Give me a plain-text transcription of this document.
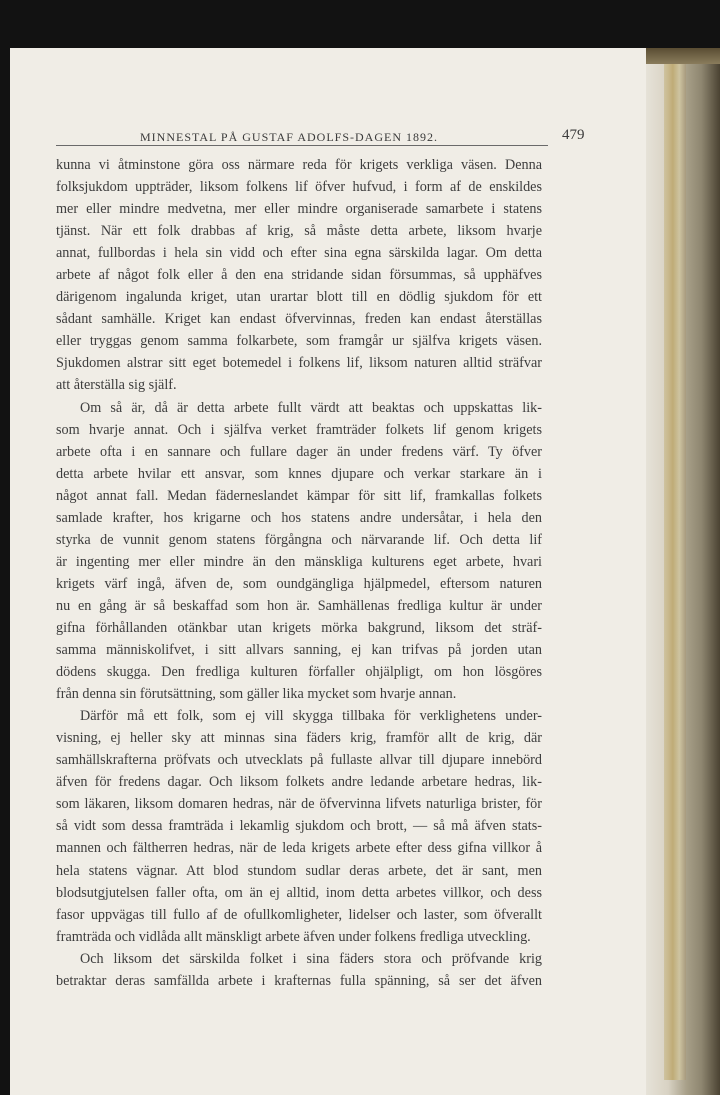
MINNESTAL PÅ GUSTAF ADOLFS-DAGEN 1892.	479
kunna vi åtminstone göra oss närmare reda för krigets verkliga väsen. Denna
folksjukdom uppträder, liksom folkens lif öfver hufvud, i form af de enskildes
mer eller mindre medvetna, mer eller mindre organiserade samarbete i statens
tjänst. När ett folk drabbas af krig, så måste detta arbete, liksom hvarje
annat, fullbordas i hela sin vidd och efter sina egna särskilda lagar. Om detta
arbete af något folk eller å den ena stridande sidan försummas, så upphäfves
därigenom ingalunda kriget, utan urartar blott till en dödlig sjukdom för ett
sådant samhälle. Kriget kan endast öfvervinnas, freden kan endast återställas
eller tryggas genom samma folkarbete, som framgår ur själfva krigets väsen.
Sjukdomen alstrar sitt eget botemedel i folkens lif, liksom naturen alltid sträfvar
att återställa sig själf.
Om så är, då är detta arbete fullt värdt att beaktas och uppskattas lik-
som hvarje annat. Och i själfva verket framträder folkets lif genom krigets
arbete ofta i en sannare och fullare dager än under fredens värf. Ty öfver
detta arbete hvilar ett ansvar, som knnes djupare och verkar starkare än i
något annat fall. Medan fäderneslandet kämpar för sitt lif, framkallas folkets
samlade krafter, hos krigarne och hos statens andre undersåtar, i hela den
styrka de vunnit genom statens förgångna och närvarande lif. Och detta lif
är ingenting mer eller mindre än den mänskliga kulturens eget arbete, hvari
krigets värf ingå, äfven de, som oundgängliga hjälpmedel, eftersom naturen
nu en gång är så beskaffad som hon är. Samhällenas fredliga kultur är under
gifna förhållanden otänkbar utan krigets mörka bakgrund, liksom det sträf-
samma människolifvet, i sitt allvars sanning, ej kan trifvas på jorden utan
dödens skugga. Den fredliga kulturen förfaller ohjälpligt, om hon lösgöres
från denna sin förutsättning, som gäller lika mycket som hvarje annan.
Därför må ett folk, som ej vill skygga tillbaka för verklighetens under-
visning, ej heller sky att minnas sina fäders krig, framför allt de krig, där
samhällskrafterna pröfvats och utvecklats på fullaste allvar till djupare innebörd
äfven för fredens dagar. Och liksom folkets andre ledande arbetare hedras, lik-
som läkaren, liksom domaren hedras, när de öfvervinna lifvets naturliga brister, för
så vidt som dessa framträda i lekamlig sjukdom och brott, — så må äfven stats-
mannen och fältherren hedras, när de leda krigets arbete efter dess gifna villkor å
hela statens vägnar. Att blod stundom sudlar deras arbete, det är sant, men
blodsutgjutelsen faller ofta, om än ej alltid, inom detta arbetes villkor, och dess
fasor uppvägas till fullo af de ofullkomligheter, lidelser och laster, som öfverallt
framträda och vidlåda allt mänskligt arbete äfven under folkens fredliga utveckling.
Och liksom det särskilda folket i sina fäders stora och pröfvande krig
betraktar deras samfällda arbete i krafternas fulla spänning, så ser det äfven
